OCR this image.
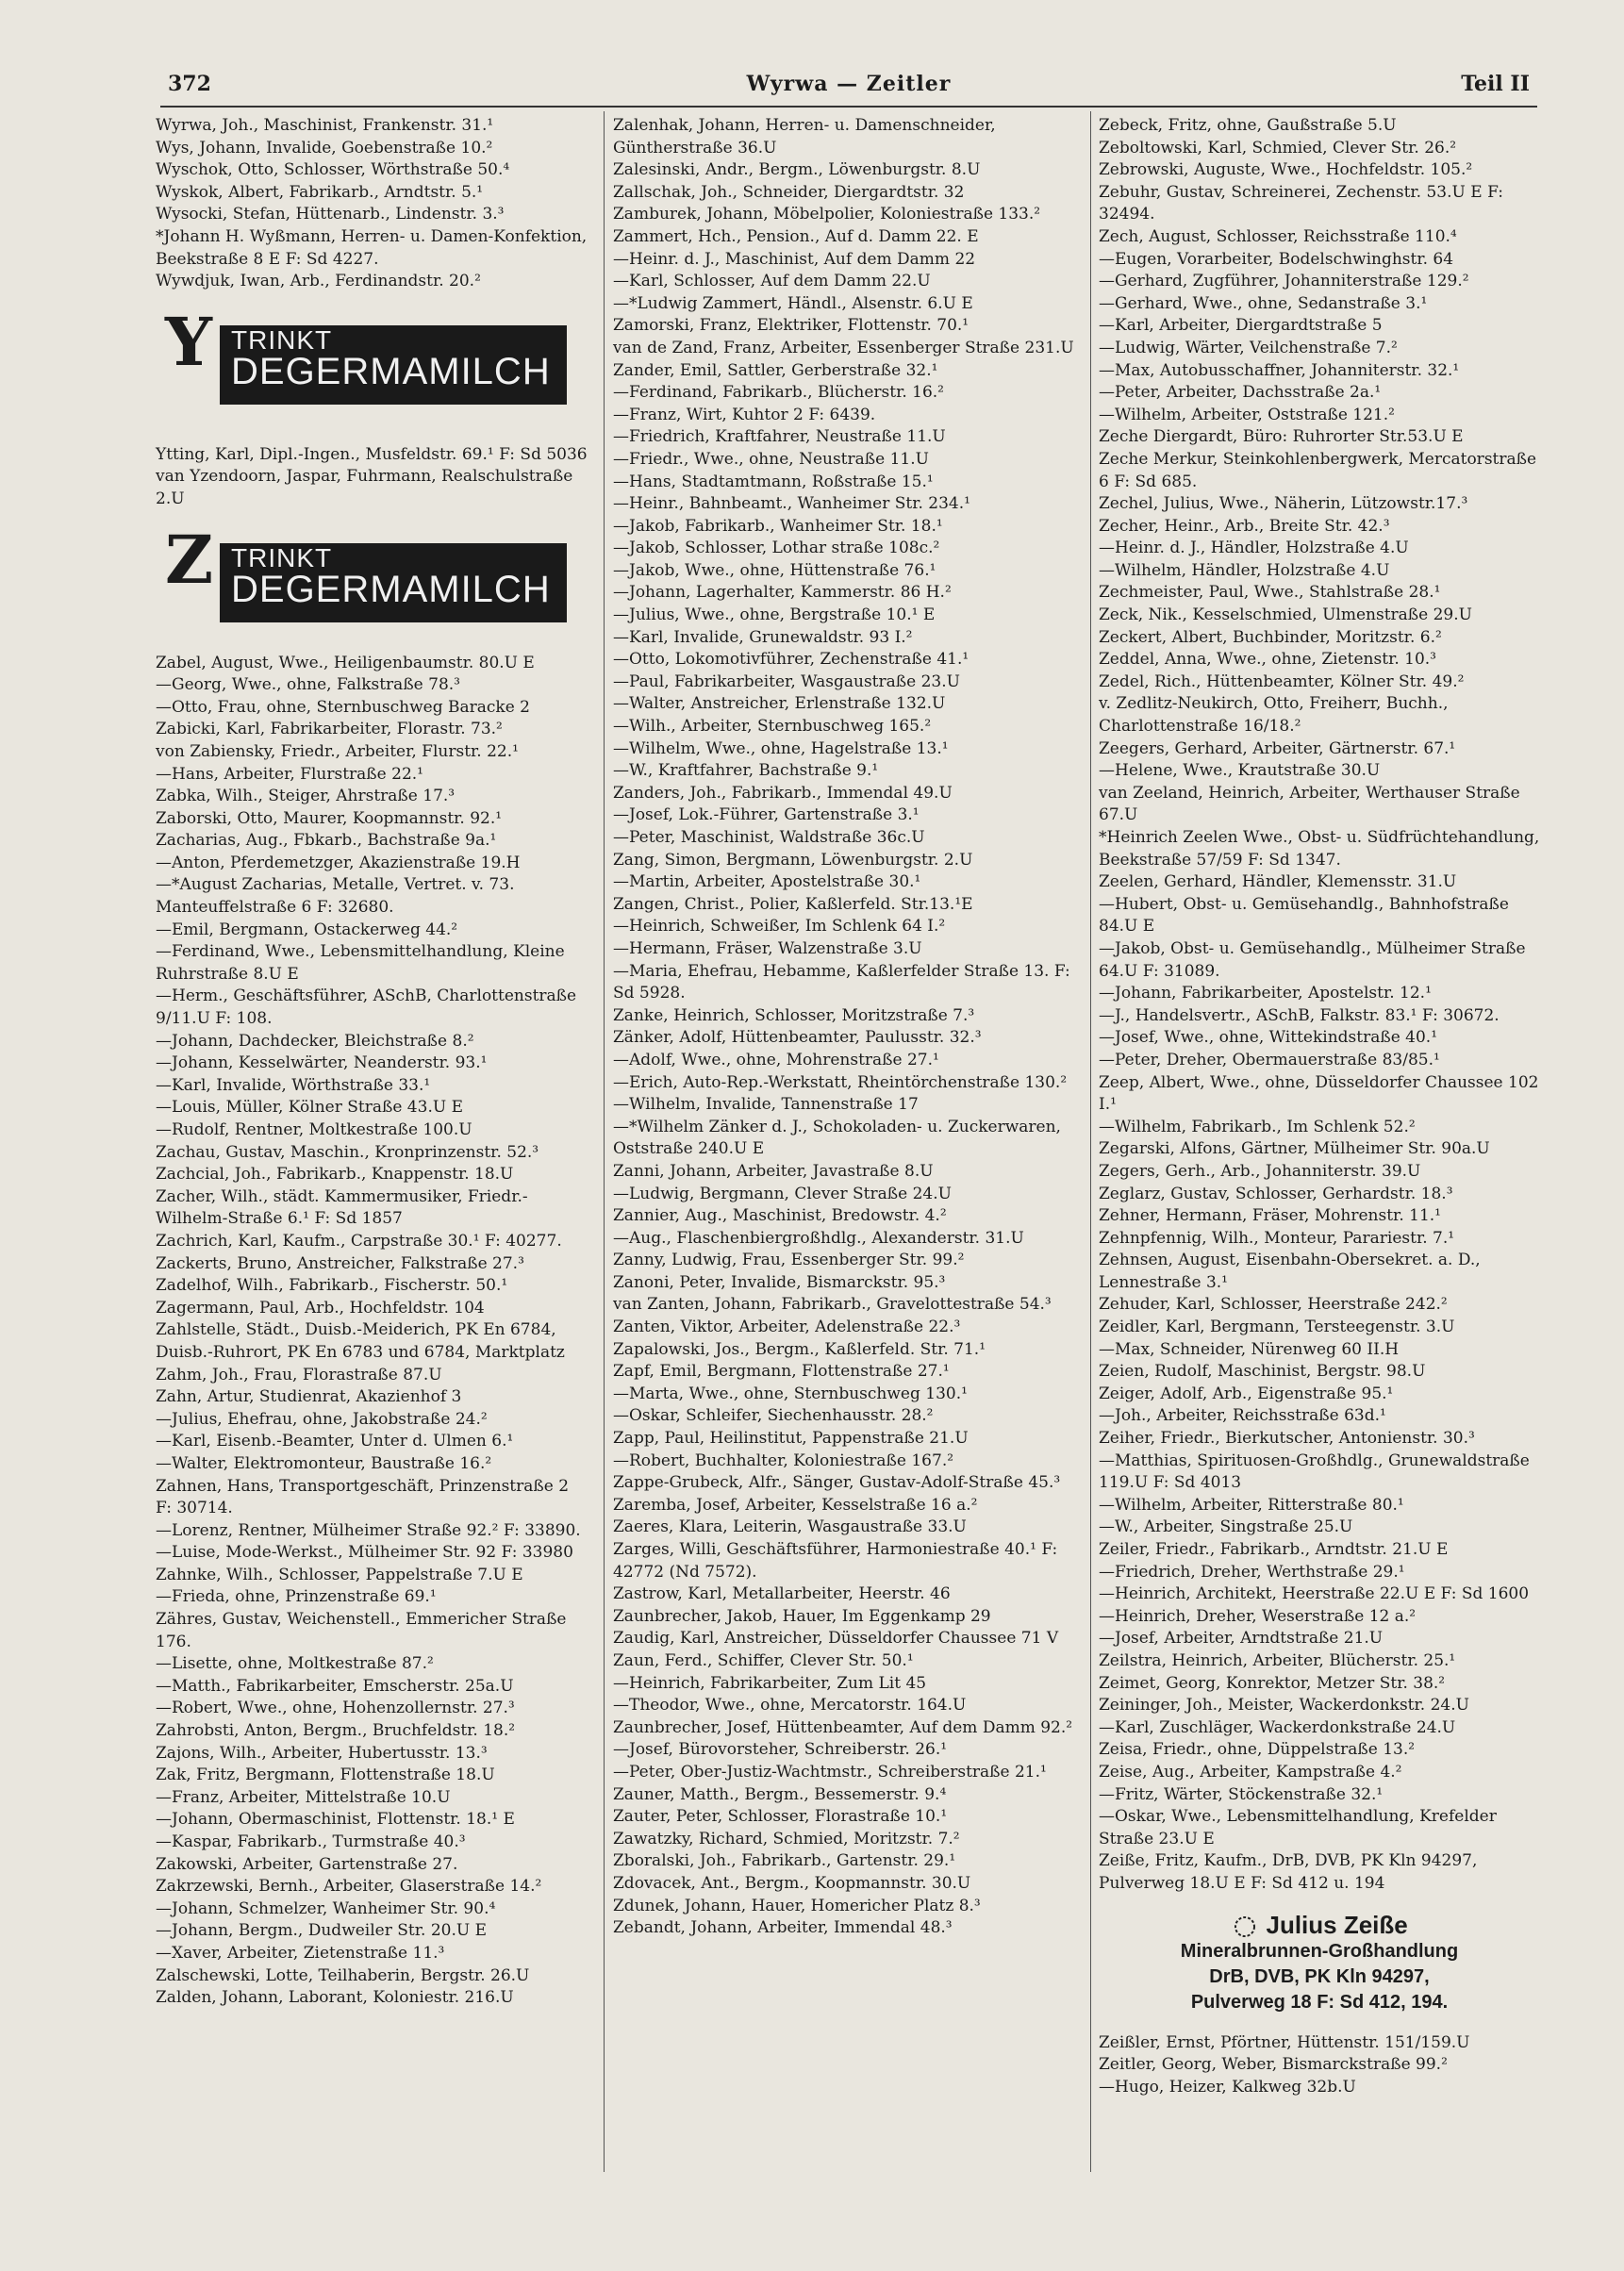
372	Wyrwa — Zeitler	Teil II
Wyrwa, Joh., Maschinist, Frankenstr. 31.¹
Wys, Johann, Invalide, Goebenstraße 10.²
Wyschok, Otto, Schlosser, Wörthstraße 50.⁴
Wyskok, Albert, Fabrikarb., Arndtstr. 5.¹
Wysocki, Stefan, Hüttenarb., Lindenstr. 3.³
*Johann H. Wyßmann, Herren- u. Damen-Konfektion, Beekstraße 8 E F: Sd 4227.
Wywdjuk, Iwan, Arb., Ferdinandstr. 20.²
Y TRINKT
DEGERMAMILCH
Ytting, Karl, Dipl.-Ingen., Musfeldstr. 69.¹ F: Sd 5036
van Yzendoorn, Jaspar, Fuhrmann, Realschulstraße 2.U
Z TRINKT
DEGERMAMILCH
Zabel, August, Wwe., Heiligenbaumstr. 80.U E
—Georg, Wwe., ohne, Falkstraße 78.³
—Otto, Frau, ohne, Sternbuschweg Baracke 2
Zabicki, Karl, Fabrikarbeiter, Florastr. 73.²
von Zabiensky, Friedr., Arbeiter, Flurstr. 22.¹
—Hans, Arbeiter, Flurstraße 22.¹
Zabka, Wilh., Steiger, Ahrstraße 17.³
Zaborski, Otto, Maurer, Koopmannstr. 92.¹
Zacharias, Aug., Fbkarb., Bachstraße 9a.¹
—Anton, Pferdemetzger, Akazienstraße 19.H
—*August Zacharias, Metalle, Vertret. v. 73. Manteuffelstraße 6 F: 32680.
—Emil, Bergmann, Ostackerweg 44.²
—Ferdinand, Wwe., Lebensmittelhandlung, Kleine Ruhrstraße 8.U E
—Herm., Geschäftsführer, ASchB, Charlottenstraße 9/11.U F: 108.
—Johann, Dachdecker, Bleichstraße 8.²
—Johann, Kesselwärter, Neanderstr. 93.¹
—Karl, Invalide, Wörthstraße 33.¹
—Louis, Müller, Kölner Straße 43.U E
—Rudolf, Rentner, Moltkestraße 100.U
Zachau, Gustav, Maschin., Kronprinzenstr. 52.³
Zachcial, Joh., Fabrikarb., Knappenstr. 18.U
Zacher, Wilh., städt. Kammermusiker, Friedr.-Wilhelm-Straße 6.¹ F: Sd 1857
Zachrich, Karl, Kaufm., Carpstraße 30.¹ F: 40277.
Zackerts, Bruno, Anstreicher, Falkstraße 27.³
Zadelhof, Wilh., Fabrikarb., Fischerstr. 50.¹
Zagermann, Paul, Arb., Hochfeldstr. 104
Zahlstelle, Städt., Duisb.-Meiderich, PK En 6784, Duisb.-Ruhrort, PK En 6783 und 6784, Marktplatz
Zahm, Joh., Frau, Florastraße 87.U
Zahn, Artur, Studienrat, Akazienhof 3
—Julius, Ehefrau, ohne, Jakobstraße 24.²
—Karl, Eisenb.-Beamter, Unter d. Ulmen 6.¹
—Walter, Elektromonteur, Baustraße 16.²
Zahnen, Hans, Transportgeschäft, Prinzenstraße 2 F: 30714.
—Lorenz, Rentner, Mülheimer Straße 92.² F: 33890.
—Luise, Mode-Werkst., Mülheimer Str. 92 F: 33980
Zahnke, Wilh., Schlosser, Pappelstraße 7.U E
—Frieda, ohne, Prinzenstraße 69.¹
Zähres, Gustav, Weichenstell., Emmericher Straße 176.
—Lisette, ohne, Moltkestraße 87.²
—Matth., Fabrikarbeiter, Emscherstr. 25a.U
—Robert, Wwe., ohne, Hohenzollernstr. 27.³
Zahrobsti, Anton, Bergm., Bruchfeldstr. 18.²
Zajons, Wilh., Arbeiter, Hubertusstr. 13.³
Zak, Fritz, Bergmann, Flottenstraße 18.U
—Franz, Arbeiter, Mittelstraße 10.U
—Johann, Obermaschinist, Flottenstr. 18.¹ E
—Kaspar, Fabrikarb., Turmstraße 40.³
Zakowski, Arbeiter, Gartenstraße 27.
Zakrzewski, Bernh., Arbeiter, Glaserstraße 14.²
—Johann, Schmelzer, Wanheimer Str. 90.⁴
—Johann, Bergm., Dudweiler Str. 20.U E
—Xaver, Arbeiter, Zietenstraße 11.³
Zalschewski, Lotte, Teilhaberin, Bergstr. 26.U
Zalden, Johann, Laborant, Koloniestr. 216.U
Zalenhak, Johann, Herren- u. Damenschneider, Güntherstraße 36.U
Zalesinski, Andr., Bergm., Löwenburgstr. 8.U
Zallschak, Joh., Schneider, Diergardtstr. 32
Zamburek, Johann, Möbelpolier, Koloniestraße 133.²
Zammert, Hch., Pension., Auf d. Damm 22. E
—Heinr. d. J., Maschinist, Auf dem Damm 22
—Karl, Schlosser, Auf dem Damm 22.U
—*Ludwig Zammert, Händl., Alsenstr. 6.U E
Zamorski, Franz, Elektriker, Flottenstr. 70.¹
van de Zand, Franz, Arbeiter, Essenberger Straße 231.U
Zander, Emil, Sattler, Gerberstraße 32.¹
—Ferdinand, Fabrikarb., Blücherstr. 16.²
—Franz, Wirt, Kuhtor 2 F: 6439.
—Friedrich, Kraftfahrer, Neustraße 11.U
—Friedr., Wwe., ohne, Neustraße 11.U
—Hans, Stadtamtmann, Roßstraße 15.¹
—Heinr., Bahnbeamt., Wanheimer Str. 234.¹
—Jakob, Fabrikarb., Wanheimer Str. 18.¹
—Jakob, Schlosser, Lothar straße 108c.²
—Jakob, Wwe., ohne, Hüttenstraße 76.¹
—Johann, Lagerhalter, Kammerstr. 86 H.²
—Julius, Wwe., ohne, Bergstraße 10.¹ E
—Karl, Invalide, Grunewaldstr. 93 I.²
—Otto, Lokomotivführer, Zechenstraße 41.¹
—Paul, Fabrikarbeiter, Wasgaustraße 23.U
—Walter, Anstreicher, Erlenstraße 132.U
—Wilh., Arbeiter, Sternbuschweg 165.²
—Wilhelm, Wwe., ohne, Hagelstraße 13.¹
—W., Kraftfahrer, Bachstraße 9.¹
Zanders, Joh., Fabrikarb., Immendal 49.U
—Josef, Lok.-Führer, Gartenstraße 3.¹
—Peter, Maschinist, Waldstraße 36c.U
Zang, Simon, Bergmann, Löwenburgstr. 2.U
—Martin, Arbeiter, Apostelstraße 30.¹
Zangen, Christ., Polier, Kaßlerfeld. Str.13.¹E
—Heinrich, Schweißer, Im Schlenk 64 I.²
—Hermann, Fräser, Walzenstraße 3.U
—Maria, Ehefrau, Hebamme, Kaßlerfelder Straße 13. F: Sd 5928.
Zanke, Heinrich, Schlosser, Moritzstraße 7.³
Zänker, Adolf, Hüttenbeamter, Paulusstr. 32.³
—Adolf, Wwe., ohne, Mohrenstraße 27.¹
—Erich, Auto-Rep.-Werkstatt, Rheintörchenstraße 130.²
—Wilhelm, Invalide, Tannenstraße 17
—*Wilhelm Zänker d. J., Schokoladen- u. Zuckerwaren, Oststraße 240.U E
Zanni, Johann, Arbeiter, Javastraße 8.U
—Ludwig, Bergmann, Clever Straße 24.U
Zannier, Aug., Maschinist, Bredowstr. 4.²
—Aug., Flaschenbiergroßhdlg., Alexanderstr. 31.U
Zanny, Ludwig, Frau, Essenberger Str. 99.²
Zanoni, Peter, Invalide, Bismarckstr. 95.³
van Zanten, Johann, Fabrikarb., Gravelottestraße 54.³
Zanten, Viktor, Arbeiter, Adelenstraße 22.³
Zapalowski, Jos., Bergm., Kaßlerfeld. Str. 71.¹
Zapf, Emil, Bergmann, Flottenstraße 27.¹
—Marta, Wwe., ohne, Sternbuschweg 130.¹
—Oskar, Schleifer, Siechenhausstr. 28.²
Zapp, Paul, Heilinstitut, Pappenstraße 21.U
—Robert, Buchhalter, Koloniestraße 167.²
Zappe-Grubeck, Alfr., Sänger, Gustav-Adolf-Straße 45.³
Zaremba, Josef, Arbeiter, Kesselstraße 16 a.²
Zaeres, Klara, Leiterin, Wasgaustraße 33.U
Zarges, Willi, Geschäftsführer, Harmoniestraße 40.¹ F: 42772 (Nd 7572).
Zastrow, Karl, Metallarbeiter, Heerstr. 46
Zaunbrecher, Jakob, Hauer, Im Eggenkamp 29
Zaudig, Karl, Anstreicher, Düsseldorfer Chaussee 71 V
Zaun, Ferd., Schiffer, Clever Str. 50.¹
—Heinrich, Fabrikarbeiter, Zum Lit 45
—Theodor, Wwe., ohne, Mercatorstr. 164.U
Zaunbrecher, Josef, Hüttenbeamter, Auf dem Damm 92.²
—Josef, Bürovorsteher, Schreiberstr. 26.¹
—Peter, Ober-Justiz-Wachtmstr., Schreiberstraße 21.¹
Zauner, Matth., Bergm., Bessemerstr. 9.⁴
Zauter, Peter, Schlosser, Florastraße 10.¹
Zawatzky, Richard, Schmied, Moritzstr. 7.²
Zboralski, Joh., Fabrikarb., Gartenstr. 29.¹
Zdovacek, Ant., Bergm., Koopmannstr. 30.U
Zdunek, Johann, Hauer, Homericher Platz 8.³
Zebandt, Johann, Arbeiter, Immendal 48.³
Zebeck, Fritz, ohne, Gaußstraße 5.U
Zeboltowski, Karl, Schmied, Clever Str. 26.²
Zebrowski, Auguste, Wwe., Hochfeldstr. 105.²
Zebuhr, Gustav, Schreinerei, Zechenstr. 53.U E F: 32494.
Zech, August, Schlosser, Reichsstraße 110.⁴
—Eugen, Vorarbeiter, Bodelschwinghstr. 64
—Gerhard, Zugführer, Johanniterstraße 129.²
—Gerhard, Wwe., ohne, Sedanstraße 3.¹
—Karl, Arbeiter, Diergardtstraße 5
—Ludwig, Wärter, Veilchenstraße 7.²
—Max, Autobusschaffner, Johanniterstr. 32.¹
—Peter, Arbeiter, Dachsstraße 2a.¹
—Wilhelm, Arbeiter, Oststraße 121.²
Zeche Diergardt, Büro: Ruhrorter Str.53.U E
Zeche Merkur, Steinkohlenbergwerk, Mercatorstraße 6 F: Sd 685.
Zechel, Julius, Wwe., Näherin, Lützowstr.17.³
Zecher, Heinr., Arb., Breite Str. 42.³
—Heinr. d. J., Händler, Holzstraße 4.U
—Wilhelm, Händler, Holzstraße 4.U
Zechmeister, Paul, Wwe., Stahlstraße 28.¹
Zeck, Nik., Kesselschmied, Ulmenstraße 29.U
Zeckert, Albert, Buchbinder, Moritzstr. 6.²
Zeddel, Anna, Wwe., ohne, Zietenstr. 10.³
Zedel, Rich., Hüttenbeamter, Kölner Str. 49.²
v. Zedlitz-Neukirch, Otto, Freiherr, Buchh., Charlottenstraße 16/18.²
Zeegers, Gerhard, Arbeiter, Gärtnerstr. 67.¹
—Helene, Wwe., Krautstraße 30.U
van Zeeland, Heinrich, Arbeiter, Werthauser Straße 67.U
*Heinrich Zeelen Wwe., Obst- u. Südfrüchtehandlung, Beekstraße 57/59 F: Sd 1347.
Zeelen, Gerhard, Händler, Klemensstr. 31.U
—Hubert, Obst- u. Gemüsehandlg., Bahnhofstraße 84.U E
—Jakob, Obst- u. Gemüsehandlg., Mülheimer Straße 64.U F: 31089.
—Johann, Fabrikarbeiter, Apostelstr. 12.¹
—J., Handelsvertr., ASchB, Falkstr. 83.¹ F: 30672.
—Josef, Wwe., ohne, Wittekindstraße 40.¹
—Peter, Dreher, Obermauerstraße 83/85.¹
Zeep, Albert, Wwe., ohne, Düsseldorfer Chaussee 102 I.¹
—Wilhelm, Fabrikarb., Im Schlenk 52.²
Zegarski, Alfons, Gärtner, Mülheimer Str. 90a.U
Zegers, Gerh., Arb., Johanniterstr. 39.U
Zeglarz, Gustav, Schlosser, Gerhardstr. 18.³
Zehner, Hermann, Fräser, Mohrenstr. 11.¹
Zehnpfennig, Wilh., Monteur, Parariestr. 7.¹
Zehnsen, August, Eisenbahn-Obersekret. a. D., Lennestraße 3.¹
Zehuder, Karl, Schlosser, Heerstraße 242.²
Zeidler, Karl, Bergmann, Tersteegenstr. 3.U
—Max, Schneider, Nürenweg 60 II.H
Zeien, Rudolf, Maschinist, Bergstr. 98.U
Zeiger, Adolf, Arb., Eigenstraße 95.¹
—Joh., Arbeiter, Reichsstraße 63d.¹
Zeiher, Friedr., Bierkutscher, Antonienstr. 30.³
—Matthias, Spirituosen-Großhdlg., Grunewaldstraße 119.U F: Sd 4013
—Wilhelm, Arbeiter, Ritterstraße 80.¹
—W., Arbeiter, Singstraße 25.U
Zeiler, Friedr., Fabrikarb., Arndtstr. 21.U E
—Friedrich, Dreher, Werthstraße 29.¹
—Heinrich, Architekt, Heerstraße 22.U E F: Sd 1600
—Heinrich, Dreher, Weserstraße 12 a.²
—Josef, Arbeiter, Arndtstraße 21.U
Zeilstra, Heinrich, Arbeiter, Blücherstr. 25.¹
Zeimet, Georg, Konrektor, Metzer Str. 38.²
Zeininger, Joh., Meister, Wackerdonkstr. 24.U
—Karl, Zuschläger, Wackerdonkstraße 24.U
Zeisa, Friedr., ohne, Düppelstraße 13.²
Zeise, Aug., Arbeiter, Kampstraße 4.²
—Fritz, Wärter, Stöckenstraße 32.¹
—Oskar, Wwe., Lebensmittelhandlung, Krefelder Straße 23.U E
Zeiße, Fritz, Kaufm., DrB, DVB, PK Kln 94297, Pulverweg 18.U E F: Sd 412 u. 194
Julius Zeiße
Mineralbrunnen-Großhandlung
DrB, DVB, PK Kln 94297,
Pulverweg 18 F: Sd 412, 194.
Zeißler, Ernst, Pförtner, Hüttenstr. 151/159.U
Zeitler, Georg, Weber, Bismarckstraße 99.²
—Hugo, Heizer, Kalkweg 32b.U
